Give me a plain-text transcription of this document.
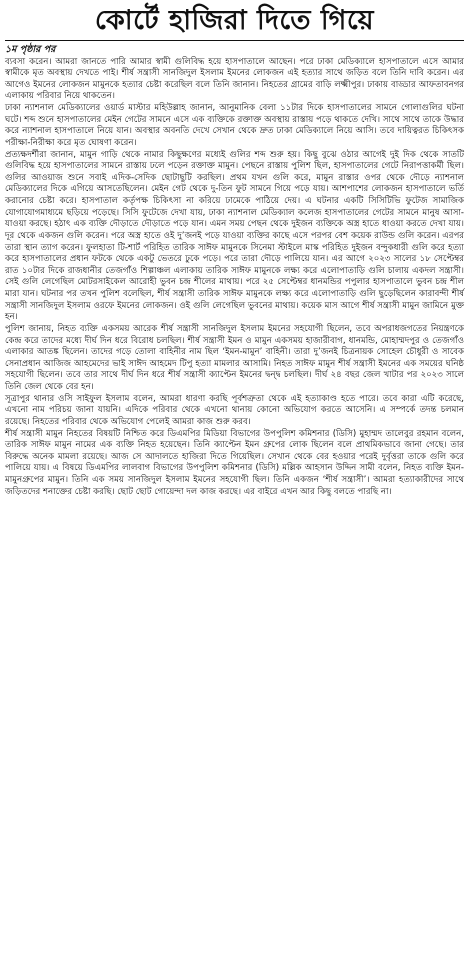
কোর্টে হাজিরা দিতে গিয়ে

১ম পৃষ্ঠার পর
ব্যবসা করেন। আমরা জানতে পারি আমার স্বামী গুলিবিদ্ধ হয়ে হাসপাতালে আছেন। পরে ঢাকা মেডিক্যালে হাসপাতালে এসে আমার স্বামীকে মৃত অবস্থায় দেখতে পাই। শীর্ষ সন্ত্রাসী সানজিদুল ইসলাম ইমনের লোকজন এই হত্যার সাথে জড়িত বলে তিনি দাবি করেন। এর আগেও ইমনের লোকজন মামুনকে হত্যার চেষ্টা করেছিল বলে তিনি জানান। নিহতের গ্রামের বাড়ি লক্ষ্মীপুর। ঢাকায় বাড্ডার আফতাবনগর এলাকায় পরিবার নিয়ে থাকতেন।

ঢাকা ন্যাশনাল মেডিক্যালের ওয়ার্ড মাস্টার মহিউল্লাহ জানান, আনুমানিক বেলা ১১টার দিকে হাসপাতালের সামনে গোলাগুলির ঘটনা ঘটে। শব্দ শুনে হাসপাতালের মেইন গেটের সামনে এসে এক ব্যক্তিকে রক্তাক্ত অবস্থায় রাস্তায় পড়ে থাকতে দেখি। সাথে সাথে তাকে উদ্ধার করে ন্যাশনাল হাসপাতালে নিয়ে যান। অবস্থার অবনতি দেখে সেখান থেকে দ্রুত ঢাকা মেডিক্যালে নিয়ে আসি। তবে দায়িত্বরত চিকিৎসক পরীক্ষা-নিরীক্ষা করে মৃত ঘোষণা করেন।

প্রত্যক্ষদর্শীরা জানান, মামুন গাড়ি থেকে নামার কিছুক্ষণের মধ্যেই গুলির শব্দ শুরু হয়। কিছু বুঝে ওঠার আগেই দুই দিক থেকে সাতটি গুলিবিদ্ধ হয়ে হাসপাতালের সামনে রাস্তায় ঢলে পড়েন রক্তাক্ত মামুন। পেছনে রাস্তায় পুলিশ ছিল, হাসপাতালের গেটে নিরাপত্তাকর্মী ছিল। গুলির আওয়াজ শুনে সবাই এদিক-সেদিক ছোটাছুটি করছিল। প্রথম যখন গুলি করে, মামুন রাস্তার ওপর থেকে দৌড়ে ন্যাশনাল মেডিক্যালের দিকে এগিয়ে আসতেছিলেন। মেইন গেট থেকে দু-তিন ফুট সামনে গিয়ে পড়ে যায়। আশপাশের লোকজন হাসপাতালে ভর্তি করানোর চেষ্টা করে। হাসপাতাল কর্তৃপক্ষ চিকিৎসা না করিয়ে ঢামেকে পাঠিয়ে দেয়। এ ঘটনার একটি সিসিটিভি ফুটেজ সামাজিক যোগাযোগমাধ্যমে ছড়িয়ে পড়েছে। সিসি ফুটেজে দেখা যায়, ঢাকা ন্যাশনাল মেডিক্যাল কলেজ হাসপাতালের গেটের সামনে মানুষ আসা-যাওয়া করছে। হঠাৎ এক ব্যক্তি দৌড়াতে দৌড়াতে পড়ে যান। এমন সময় পেছন থেকে দুইজন ব্যক্তিকে অস্ত্র হাতে ধাওয়া করতে দেখা যায়। দূর থেকে একজন গুলি করেন। পরে অস্ত্র হাতে ওই দু’জনই পড়ে যাওয়া ব্যক্তির কাছে এসে পরপর বেশ কয়েক রাউন্ড গুলি করেন। এরপর তারা স্থান ত্যাগ করেন। ফুলহাতা টি-শার্ট পরিহিত তারিক সাঈফ মামুনকে সিনেমা স্টাইলে মাস্ক পরিহিত দুইজন বন্দুকধারী গুলি করে হত্যা করে হাসপাতালের প্রধান ফটকে থেকে একটু ভেতরে ঢুকে পড়ে। পরে তারা দৌড়ে পালিয়ে যান। এর আগে ২০২৩ সালের ১৮ সেপ্টেম্বর রাত ১০টার দিকে রাজধানীর তেজগাঁও শিল্পাঞ্চল এলাকায় তারিক সাঈফ মামুনকে লক্ষ্য করে এলোপাতাড়ি গুলি চালায় একদল সন্ত্রাসী। সেই গুলি লেগেছিল মোটরসাইকেল আরোহী ভুবন চন্দ্র শীলের মাথায়। পরে ২৫ সেপ্টেম্বর ধানমন্ডির পপুলার হাসপাতালে ভুবন চন্দ্র শীল মারা যান। ঘটনার পর তখন পুলিশ বলেছিল, শীর্ষ সন্ত্রাসী তারিক সাঈফ মামুনকে লক্ষ্য করে এলোপাতাড়ি গুলি ছুড়েছিলেন কারাবন্দী শীর্ষ সন্ত্রাসী সানজিদুল ইসলাম ওরফে ইমনের লোকজন। ওই গুলি লেগেছিল ভুবনের মাথায়। কয়েক মাস আগে শীর্ষ সন্ত্রাসী মামুন জামিনে মুক্ত হন।

পুলিশ জানায়, নিহত ব্যক্তি একসময় আরেক শীর্ষ সন্ত্রাসী সানজিদুল ইসলাম ইমনের সহযোগী ছিলেন, তবে অপরাধজগতের নিয়ন্ত্রণকে কেন্দ্র করে তাদের মধ্যে দীর্ঘ দিন ধরে বিরোধ চলছিল। শীর্ষ সন্ত্রাসী ইমন ও মামুন একসময় হাজারীবাগ, ধানমন্ডি, মোহাম্মদপুর ও তেজগাঁও এলাকার আতঙ্ক ছিলেন। তাদের গড়ে তোলা বাহিনীর নাম ছিল ‘ইমন-মামুন’ বাহিনী। তারা দু’জনই চিত্রনায়ক সোহেল চৌধুরী ও সাবেক সেনাপ্রধান আজিজ আহমেদের ভাই সাঈদ আহমেদ টিপু হত্যা মামলার আসামি। নিহত সাঈফ মামুন শীর্ষ সন্ত্রাসী ইমনের এক সময়ের ঘনিষ্ঠ সহযোগী ছিলেন। তবে তার সাথে দীর্ঘ দিন ধরে শীর্ষ সন্ত্রাসী ক্যাপ্টেন ইমনের দ্বন্দ্ব চলছিল। দীর্ঘ ২৪ বছর জেল খাটার পর ২০২৩ সালে তিনি জেল থেকে বের হন।

সূত্রাপুর থানার ওসি সাইফুল ইসলাম বলেন, আমরা ধারণা করছি পূর্বশত্রুতা থেকে এই হত্যাকাণ্ড হতে পারে। তবে কারা এটি করেছে, এখনো নাম পরিচয় জানা যায়নি। এদিকে পরিবার থেকে এখনো থানায় কোনো অভিযোগ করতে আসেনি। এ সম্পর্কে তদন্ত চলমান রয়েছে। নিহতের পরিবার থেকে অভিযোগ পেলেই আমরা কাজ শুরু করব।

শীর্ষ সন্ত্রাসী মামুন নিহতের বিষয়টি নিশ্চিত করে ডিএমপির মিডিয়া বিভাগের উপপুলিশ কমিশনার (ডিসি) মুহাম্মদ তালেবুর রহমান বলেন, তারিক সাঈফ মামুন নামের এক ব্যক্তি নিহত হয়েছেন। তিনি ক্যাপ্টেন ইমন গ্রুপের লোক ছিলেন বলে প্রাথমিকভাবে জানা গেছে। তার বিরুদ্ধে অনেক মামলা রয়েছে। আজ সে আদালতে হাজিরা দিতে গিয়েছিল। সেখান থেকে বের হওয়ার পরেই দুর্বৃত্তরা তাকে গুলি করে পালিয়ে যায়। এ বিষয়ে ডিএমপির লালবাগ বিভাগের উপপুলিশ কমিশনার (ডিসি) মল্লিক আহসান উদ্দিন সামী বলেন, নিহত ব্যক্তি ইমন-মামুনগ্রুপের মামুন। তিনি এক সময় সানজিদুল ইসলাম ইমনের সহযোগী ছিল। তিনি একজন ‘শীর্ষ সন্ত্রাসী’। আমরা হত্যাকারীদের সাথে জড়িতদের শনাক্তের চেষ্টা করছি। ছোট ছোট গোয়েন্দা দল কাজ করছে। এর বাইরে এখন আর কিছু বলতে পারছি না।
